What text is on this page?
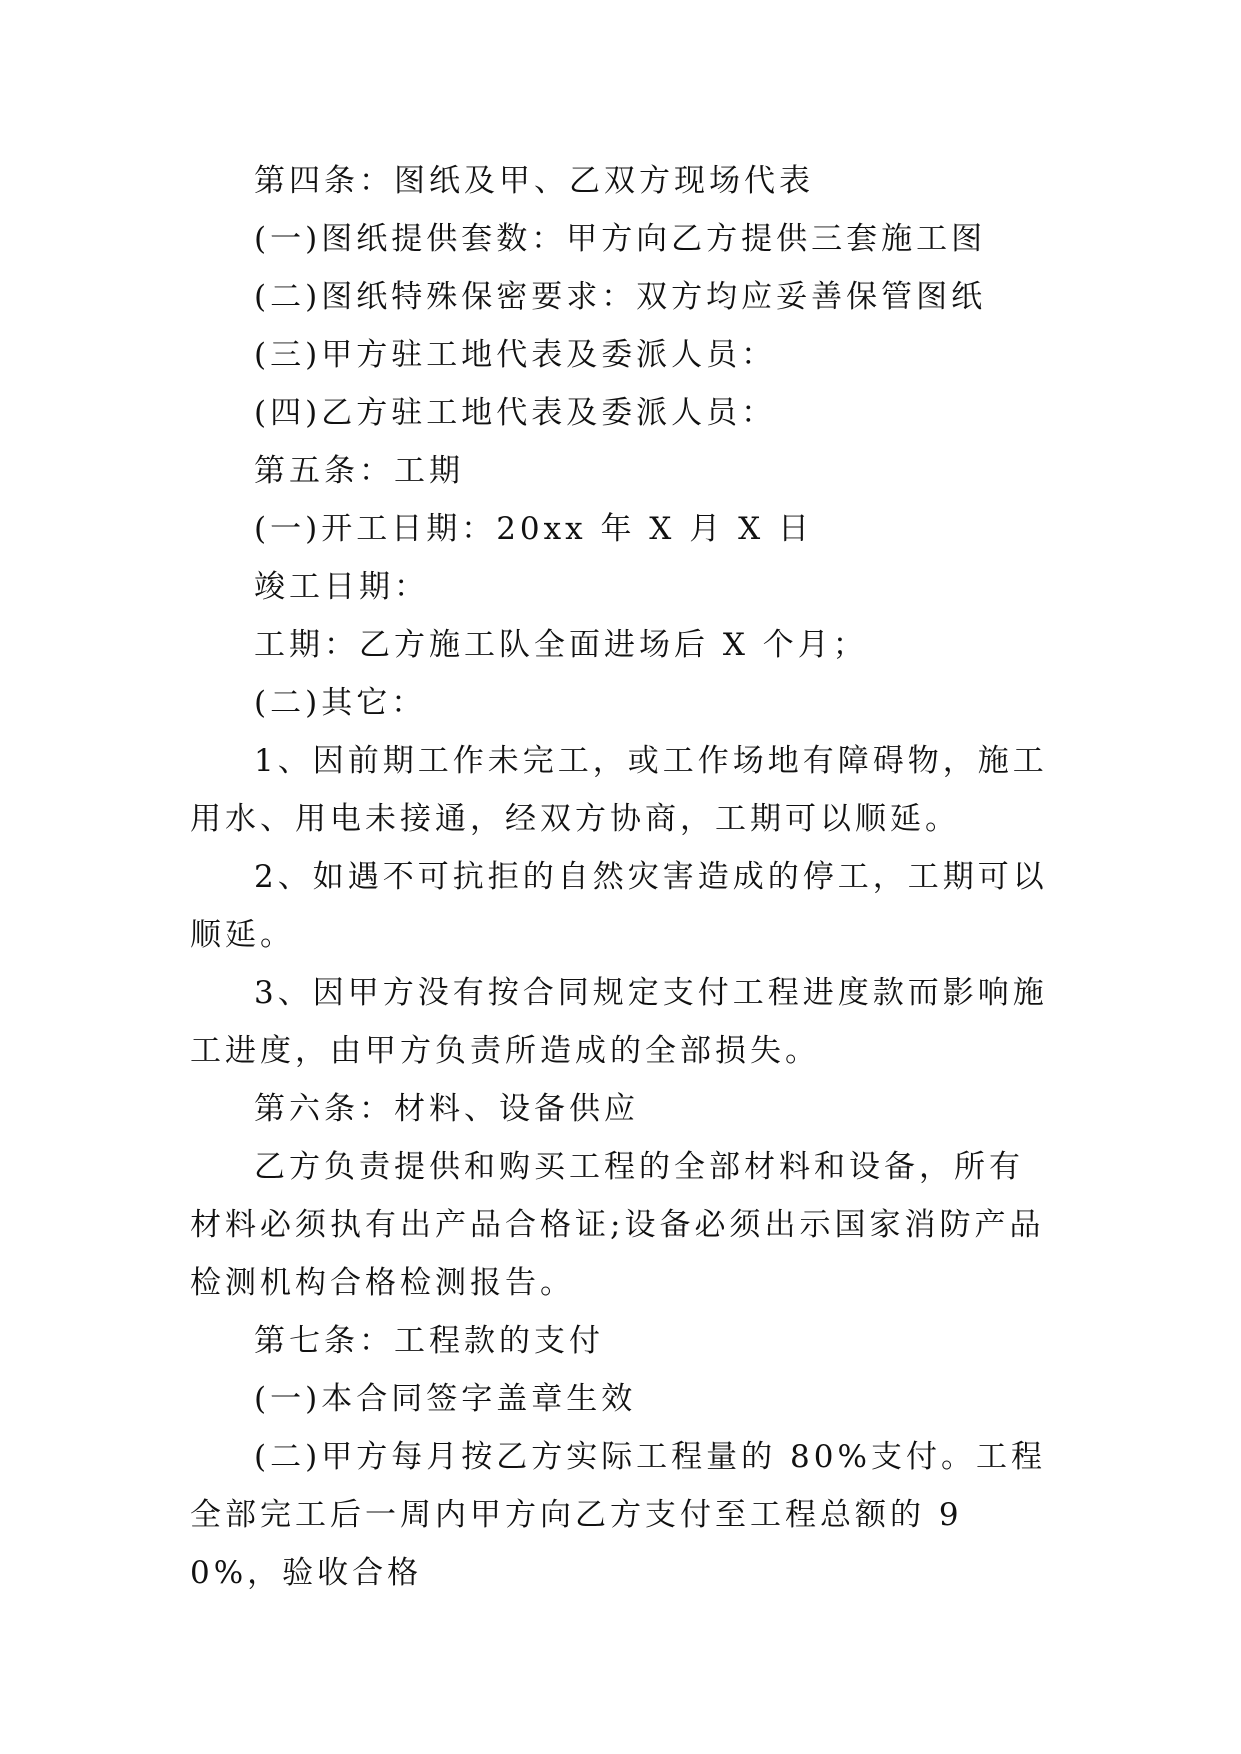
第四条：图纸及甲、乙双方现场代表

(一)图纸提供套数：甲方向乙方提供三套施工图

(二)图纸特殊保密要求：双方均应妥善保管图纸

(三)甲方驻工地代表及委派人员：

(四)乙方驻工地代表及委派人员：

第五条：工期

(一)开工日期：20xx 年 X 月 X 日

竣工日期：

工期：乙方施工队全面进场后 X 个月；

(二)其它：

1、因前期工作未完工，或工作场地有障碍物，施工用水、用电未接通，经双方协商，工期可以顺延。

2、如遇不可抗拒的自然灾害造成的停工，工期可以顺延。

3、因甲方没有按合同规定支付工程进度款而影响施工进度，由甲方负责所造成的全部损失。

第六条：材料、设备供应

乙方负责提供和购买工程的全部材料和设备，所有材料必须执有出产品合格证;设备必须出示国家消防产品检测机构合格检测报告。

第七条：工程款的支付

(一)本合同签字盖章生效

(二)甲方每月按乙方实际工程量的 80%支付。工程全部完工后一周内甲方向乙方支付至工程总额的 90%，验收合格
